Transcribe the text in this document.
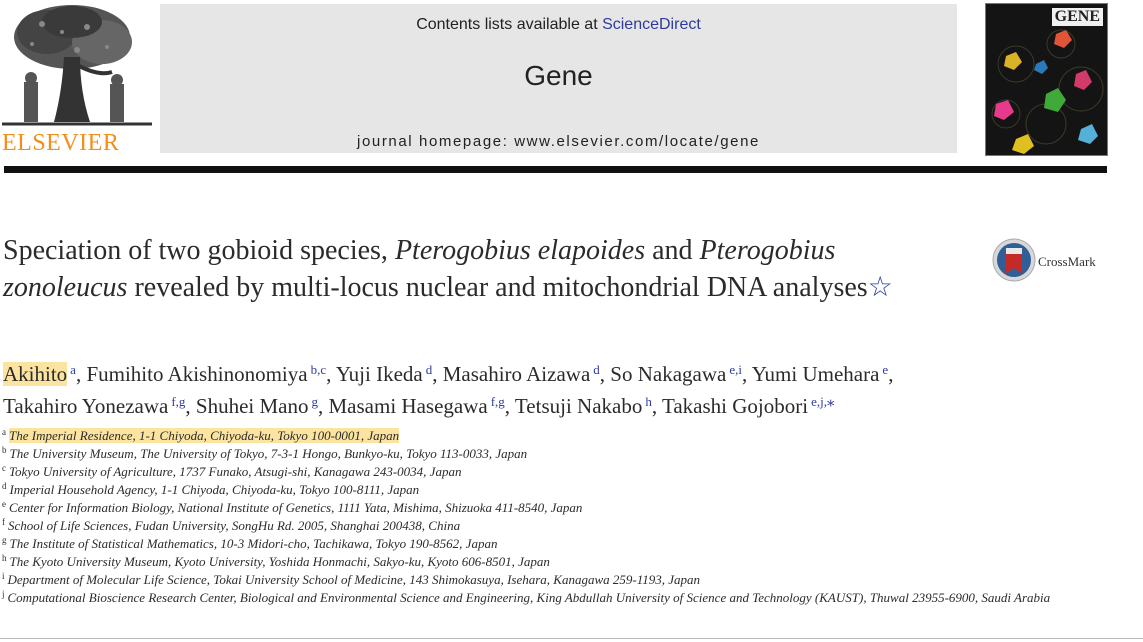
ELSEVIER
Contents lists available at ScienceDirect
Gene
journal homepage: www.elsevier.com/locate/gene
GENE
Speciation of two gobioid species, Pterogobius elapoides and Pterogobius zonoleucus revealed by multi-locus nuclear and mitochondrial DNA analyses☆
CrossMark
Akihito $^a$, Fumihito Akishinonomiya $^{b,c}$, Yuji Ikeda $^d$, Masahiro Aizawa $^d$, So Nakagawa $^{e,i}$, Yumi Umehara $^e$,
Takahiro Yonezawa $^{f,g}$, Shuhei Mano $^g$, Masami Hasegawa $^{f,g}$, Tetsuji Nakabo $^h$, Takashi Gojobori $^{e,j,⁎}$
$^a$ The Imperial Residence, 1-1 Chiyoda, Chiyoda-ku, Tokyo 100-0001, Japan
$^b$ The University Museum, The University of Tokyo, 7-3-1 Hongo, Bunkyo-ku, Tokyo 113-0033, Japan
$^c$ Tokyo University of Agriculture, 1737 Funako, Atsugi-shi, Kanagawa 243-0034, Japan
$^d$ Imperial Household Agency, 1-1 Chiyoda, Chiyoda-ku, Tokyo 100-8111, Japan
$^e$ Center for Information Biology, National Institute of Genetics, 1111 Yata, Mishima, Shizuoka 411-8540, Japan
$^f$ School of Life Sciences, Fudan University, SongHu Rd. 2005, Shanghai 200438, China
$^g$ The Institute of Statistical Mathematics, 10-3 Midori-cho, Tachikawa, Tokyo 190-8562, Japan
$^h$ The Kyoto University Museum, Kyoto University, Yoshida Honmachi, Sakyo-ku, Kyoto 606-8501, Japan
$^i$ Department of Molecular Life Science, Tokai University School of Medicine, 143 Shimokasuya, Isehara, Kanagawa 259-1193, Japan
$^j$ Computational Bioscience Research Center, Biological and Environmental Science and Engineering, King Abdullah University of Science and Technology (KAUST), Thuwal 23955-6900, Saudi Arabia
